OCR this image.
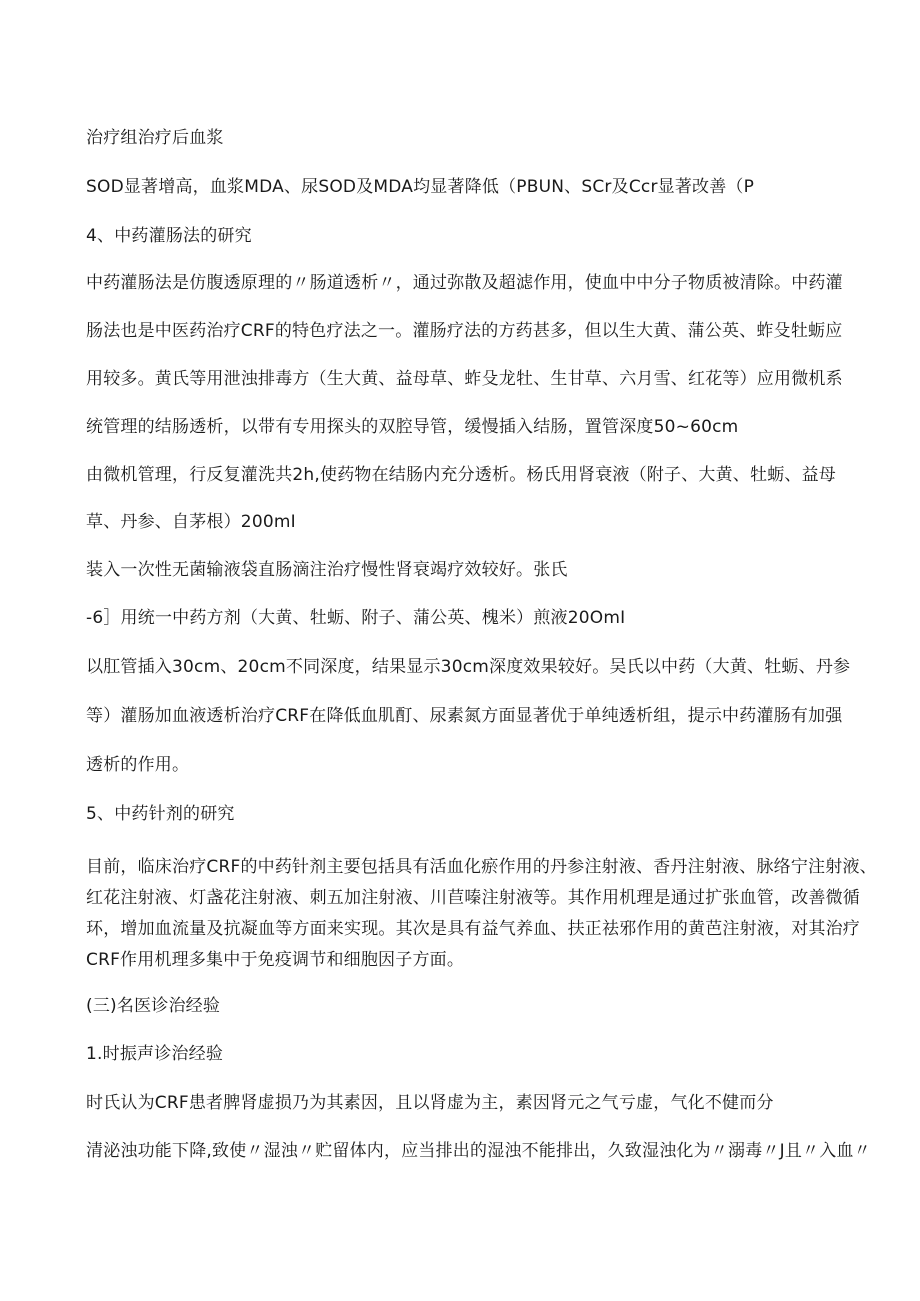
治疗组治疗后血浆
SOD显著增高，血浆MDA、尿SOD及MDA均显著降低（PBUN、SCr及Ccr显著改善（P
4、中药灌肠法的研究
中药灌肠法是仿腹透原理的〃肠道透析〃，通过弥散及超滤作用，使血中中分子物质被清除。中药灌
肠法也是中医药治疗CRF的特色疗法之一。灌肠疗法的方药甚多，但以生大黄、蒲公英、蚱殳牡蛎应
用较多。黄氏等用泄浊排毒方（生大黄、益母草、蚱殳龙牡、生甘草、六月雪、红花等）应用微机系
统管理的结肠透析，以带有专用探头的双腔导管，缓慢插入结肠，置管深度50~60cm
由微机管理，行反复灌洗共2h,使药物在结肠内充分透析。杨氏用肾衰液（附子、大黄、牡蛎、益母
草、丹参、自茅根）200mI
装入一次性无菌输液袋直肠滴注治疗慢性肾衰竭疗效较好。张氏
-6］用统一中药方剂（大黄、牡蛎、附子、蒲公英、槐米）煎液20OmI
以肛管插入30cm、20cm不同深度，结果显示30cm深度效果较好。吴氏以中药（大黄、牡蛎、丹参
等）灌肠加血液透析治疗CRF在降低血肌酊、尿素氮方面显著优于单纯透析组，提示中药灌肠有加强
透析的作用。
5、中药针剂的研究
目前，临床治疗CRF的中药针剂主要包括具有活血化瘀作用的丹参注射液、香丹注射液、脉络宁注射液、
红花注射液、灯盏花注射液、刺五加注射液、川苣嗪注射液等。其作用机理是通过扩张血管，改善微循
环，增加血流量及抗凝血等方面来实现。其次是具有益气养血、扶正祛邪作用的黄芭注射液，对其治疗
CRF作用机理多集中于免疫调节和细胞因子方面。
(三)名医诊治经验
1.时振声诊治经验
时氏认为CRF患者脾肾虚损乃为其素因，且以肾虚为主，素因肾元之气亏虚，气化不健而分
清泌浊功能下降,致使〃湿浊〃贮留体内，应当排出的湿浊不能排出，久致湿浊化为〃溺毒〃J且〃入血〃
